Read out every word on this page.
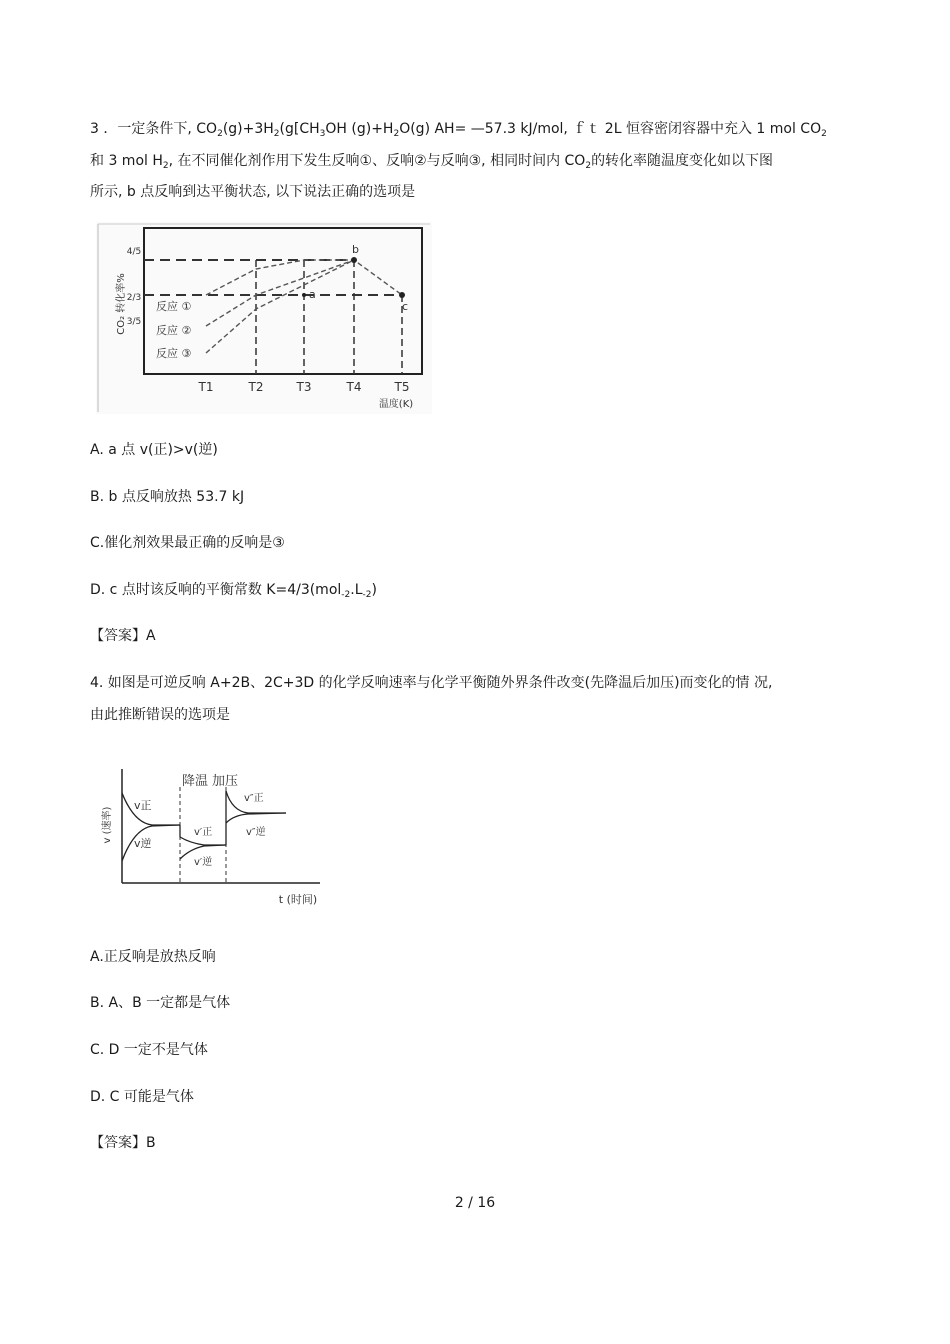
3 ．一定条件下, $CO_2(g)+3H_2(g[CH_3OH$ $(g)+H_2O(g)$ AH= —57.3 kJ/mol, ｆｔ 2L 恒容密闭容器中充入 1 mol $CO_2$
和 3 mol $H_2$, 在不同催化剂作用下发生反响①、反响②与反响③, 相同时间内 $CO_2$的转化率随温度变化如以下图
所示, b 点反响到达平衡状态, 以下说法正确的选项是
CO₂ 转化率%
4/5
2/3
3/5
b
c
a
反应 ①
反应 ②
反应 ③
T1	T2	T3	T4	T5
温度(K)
A. a 点 v(正)>v(逆)
B. b 点反响放热 53.7 kJ
C.催化剂效果最正确的反响是③
D. c 点时该反响的平衡常数 $K=4/3(mol_{-2}.L_{-2})$
【答案】A
4. 如图是可逆反响 A+2B、2C+3D 的化学反响速率与化学平衡随外界条件改变(先降温后加压)而变化的情 况,
由此推断错误的选项是
v (速率)
t (时间)
降温 加压
v正
v逆
v′正
v′逆
v″正
v″逆
A.正反响是放热反响
B. A、B 一定都是气体
C. D 一定不是气体
D. C 可能是气体
【答案】B
2 / 16
